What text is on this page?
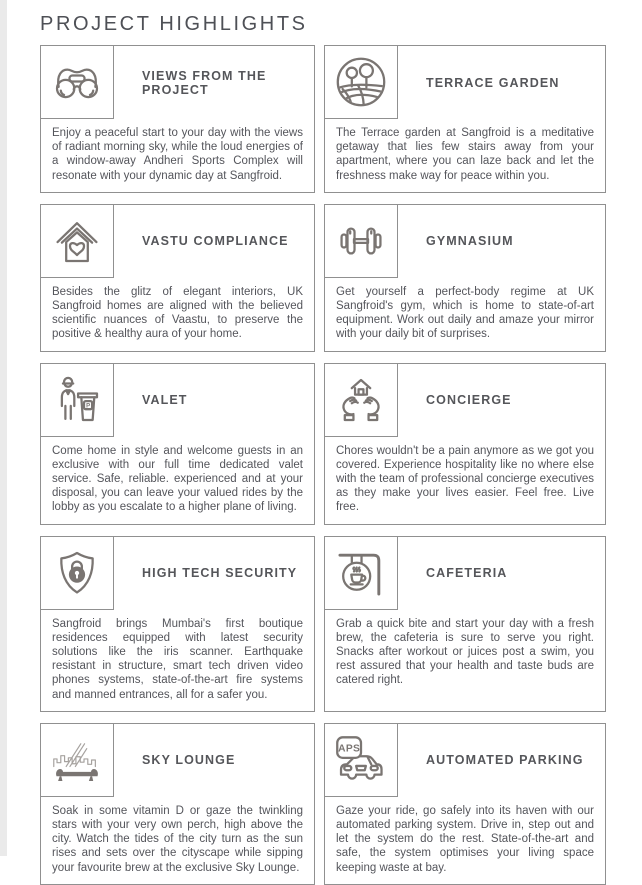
PROJECT HIGHLIGHTS
VIEWS FROM THE PROJECT
Enjoy a peaceful start to your day with the views of radiant morning sky, while the loud energies of a window-away Andheri Sports Complex will resonate with your dynamic day at Sangfroid.
TERRACE GARDEN
The Terrace garden at Sangfroid is a meditative getaway that lies few stairs away from your apartment, where you can laze back and let the freshness make way for peace within you.
VASTU COMPLIANCE
Besides the glitz of elegant interiors, UK Sangfroid homes are aligned with the believed scientific nuances of Vaastu, to preserve the positive & healthy aura of your home.
GYMNASIUM
Get yourself a perfect-body regime at UK Sangfroid's gym, which is home to state-of-art equipment. Work out daily and amaze your mirror with your daily bit of surprises.
P	VALET
Come home in style and welcome guests in an exclusive with our full time dedicated valet service. Safe, reliable. experienced and at your disposal, you can leave your valued rides by the lobby as you escalate to a higher plane of living.
CONCIERGE
Chores wouldn't be a pain anymore as we got you covered. Experience hospitality like no where else with the team of professional concierge executives as they make your lives easier. Feel free. Live free.
HIGH TECH SECURITY
Sangfroid brings Mumbai's first boutique residences equipped with latest security solutions like the iris scanner. Earthquake resistant in structure, smart tech driven video phones systems, state-of-the-art fire systems and manned entrances, all for a safer you.
CAFETERIA
Grab a quick bite and start your day with a fresh brew, the cafeteria is sure to serve you right. Snacks after workout or juices post a swim, you rest assured that your health and taste buds are catered right.
SKY LOUNGE
Soak in some vitamin D or gaze the twinkling stars with your very own perch, high above the city. Watch the tides of the city turn as the sun rises and sets over the cityscape while sipping your favourite brew at the exclusive Sky Lounge.
APS
AUTOMATED PARKING
Gaze your ride, go safely into its haven with our automated parking system. Drive in, step out and let the system do the rest. State-of-the-art and safe, the system optimises your living space keeping waste at bay.
